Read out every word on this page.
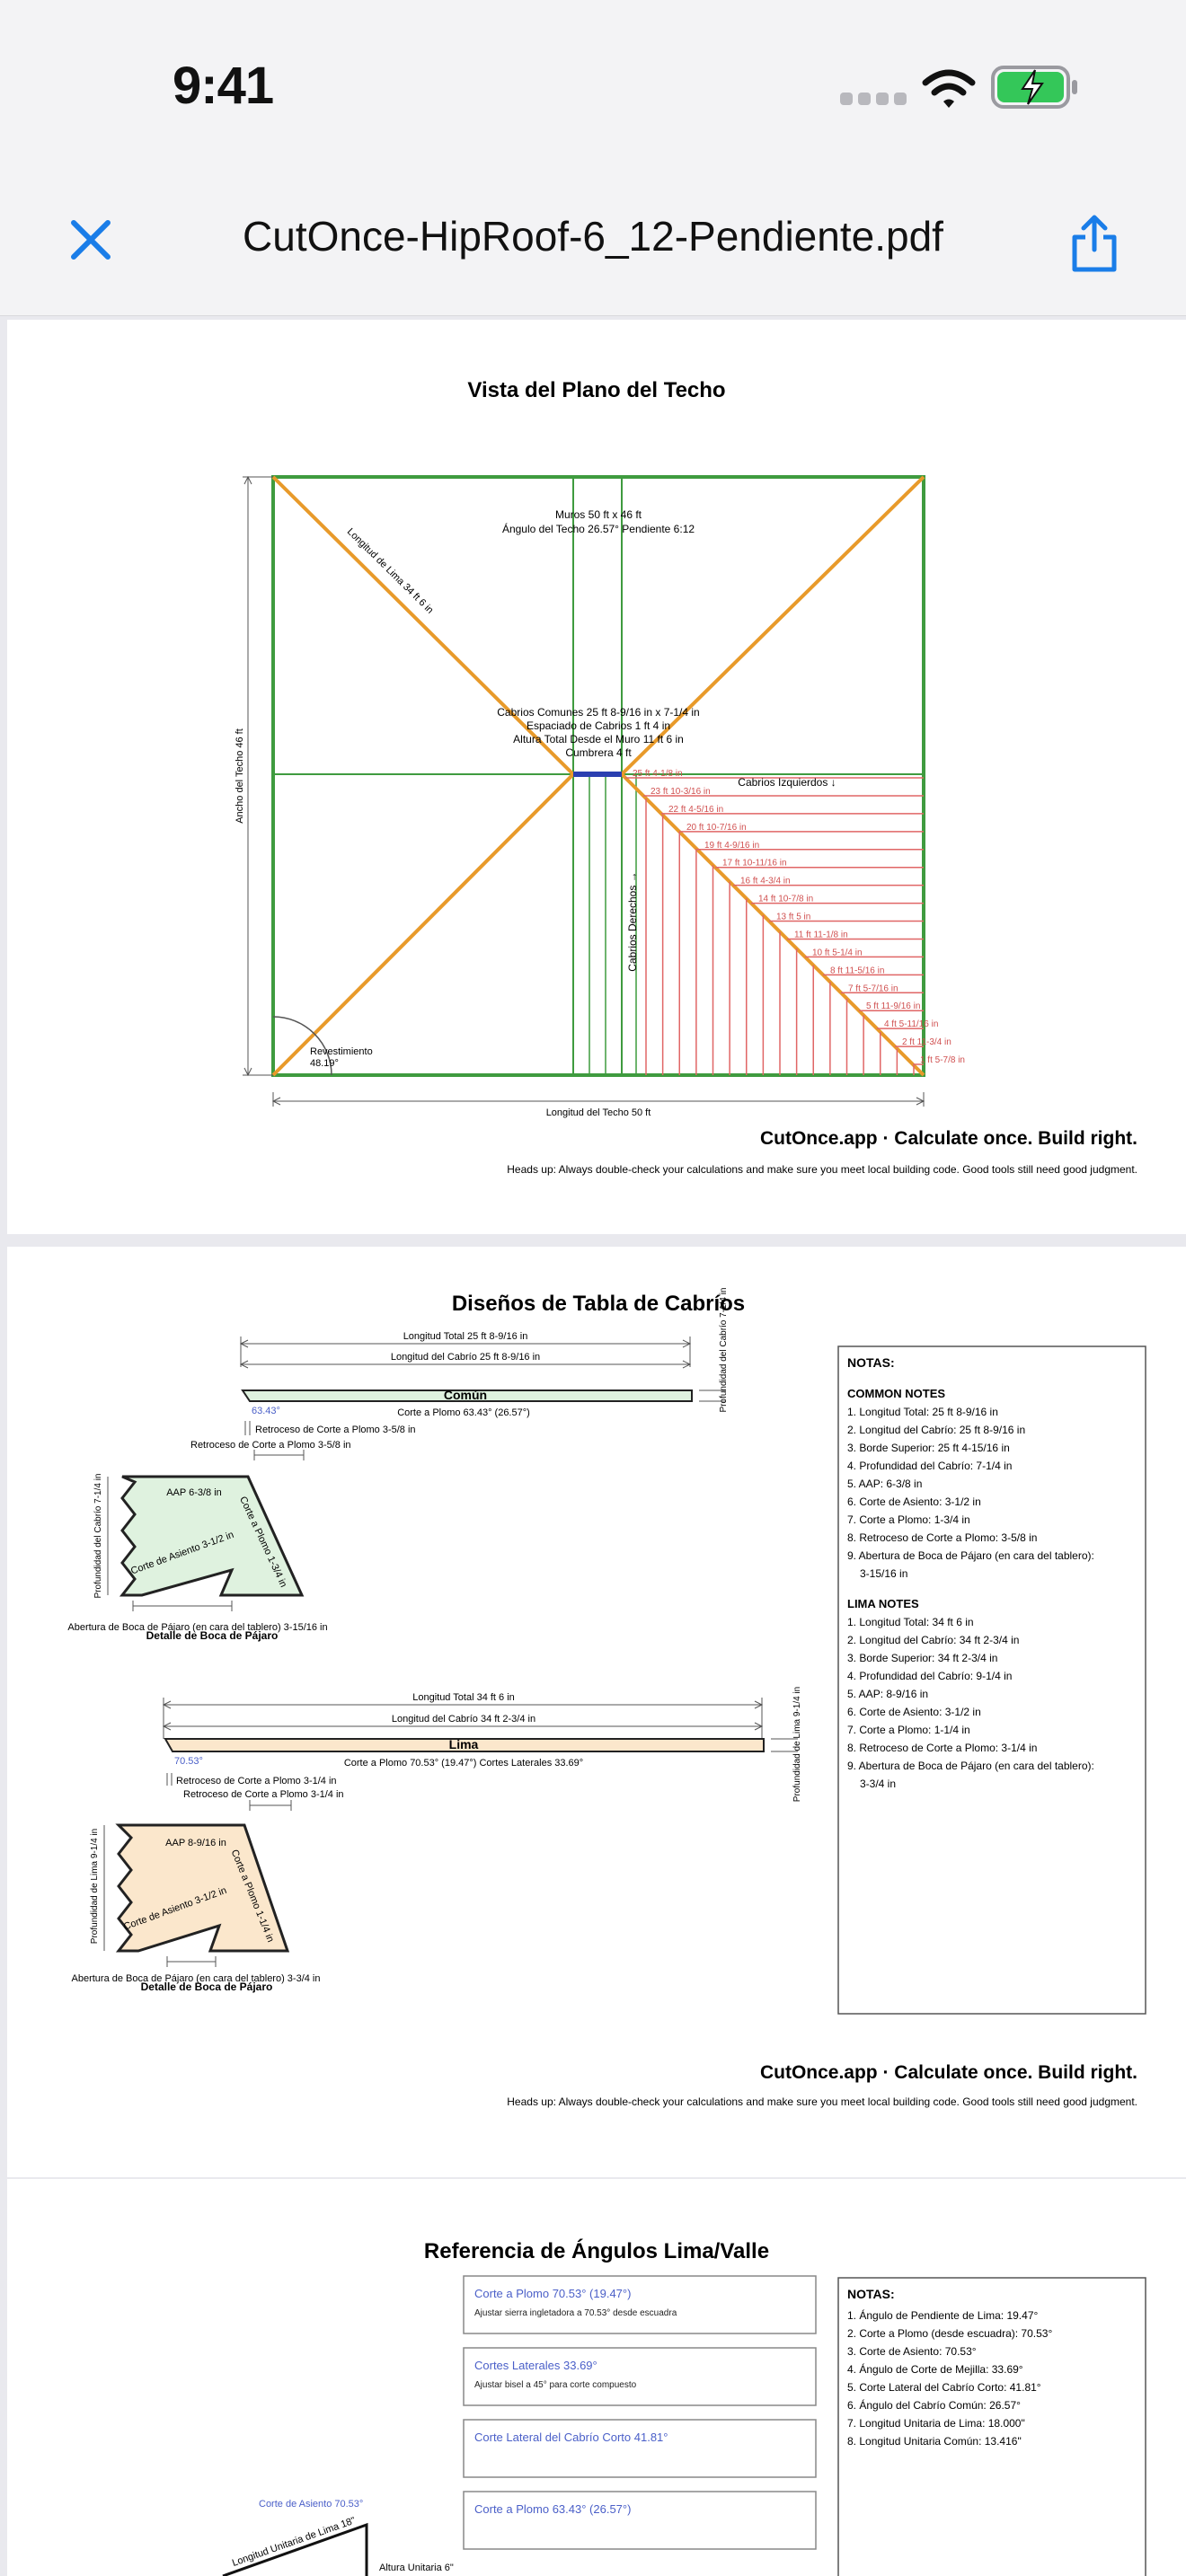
9:41
CutOnce-HipRoof-6_12-Pendiente.pdf
Vista del Plano del Techo
25 ft 4-1/8 in
23 ft 10-3/16 in
22 ft 4-5/16 in
20 ft 10-7/16 in
19 ft 4-9/16 in
17 ft 10-11/16 in
16 ft 4-3/4 in
14 ft 10-7/8 in
13 ft 5 in
11 ft 11-1/8 in
10 ft 5-1/4 in
8 ft 11-5/16 in
7 ft 5-7/16 in
5 ft 11-9/16 in
4 ft 5-11/16 in
2 ft 11-3/4 in
1 ft 5-7/8 in
Revestimiento
48.19°
Muros 50 ft x 46 ft
Ángulo del Techo 26.57° Pendiente 6:12
Cabrios Comunes 25 ft 8-9/16 in x 7-1/4 in
Espaciado de Cabrios 1 ft 4 in
Altura Total Desde el Muro 11 ft 6 in
Cumbrera 4 ft
Longitud de Lima 34 ft 6 in
Cabrios Izquierdos ↓
Cabrios Derechos →
Ancho del Techo 46 ft
Longitud del Techo 50 ft
CutOnce.app · Calculate once. Build right.
Heads up: Always double-check your calculations and make sure you meet local building code. Good tools still need good judgment.
Diseños de Tabla de Cabríos
Longitud Total 25 ft 8-9/16 in
Longitud del Cabrío 25 ft 8-9/16 in
Común	Profundidad del Cabrío 7-1/4 in
63.43°	Corte a Plomo 63.43° (26.57°)
Retroceso de Corte a Plomo 3-5/8 in
Retroceso de Corte a Plomo 3-5/8 in
AAP 6-3/8 in
Corte de Asiento 3-1/2 in Corte a Plomo 1-3/4 in
Profundidad del Cabrío 7-1/4 in
Abertura de Boca de Pájaro (en cara del tablero) 3-15/16 in
Detalle de Boca de Pájaro
Longitud Total 34 ft 6 in
Longitud del Cabrío 34 ft 2-3/4 in
Lima	Profundidad de Lima 9-1/4 in
70.53°	Corte a Plomo 70.53° (19.47°) Cortes Laterales 33.69°
Retroceso de Corte a Plomo 3-1/4 in
Retroceso de Corte a Plomo 3-1/4 in
AAP 8-9/16 in
Corte de Asiento 3-1/2 in Corte a Plomo 1-1/4 in
Profundidad de Lima 9-1/4 in
Abertura de Boca de Pájaro (en cara del tablero) 3-3/4 in
Detalle de Boca de Pájaro
NOTAS:
COMMON NOTES
1. Longitud Total: 25 ft 8-9/16 in
2. Longitud del Cabrío: 25 ft 8-9/16 in
3. Borde Superior: 25 ft 4-15/16 in
4. Profundidad del Cabrío: 7-1/4 in
5. AAP: 6-3/8 in
6. Corte de Asiento: 3-1/2 in
7. Corte a Plomo: 1-3/4 in
8. Retroceso de Corte a Plomo: 3-5/8 in
9. Abertura de Boca de Pájaro (en cara del tablero):
3-15/16 in
LIMA NOTES
1. Longitud Total: 34 ft 6 in
2. Longitud del Cabrío: 34 ft 2-3/4 in
3. Borde Superior: 34 ft 2-3/4 in
4. Profundidad del Cabrío: 9-1/4 in
5. AAP: 8-9/16 in
6. Corte de Asiento: 3-1/2 in
7. Corte a Plomo: 1-1/4 in
8. Retroceso de Corte a Plomo: 3-1/4 in
9. Abertura de Boca de Pájaro (en cara del tablero):
3-3/4 in
CutOnce.app · Calculate once. Build right.
Heads up: Always double-check your calculations and make sure you meet local building code. Good tools still need good judgment.
Referencia de Ángulos Lima/Valle
Corte a Plomo 70.53° (19.47°)
Ajustar sierra ingletadora a 70.53° desde escuadra
Cortes Laterales 33.69°
Ajustar bisel a 45° para corte compuesto
Corte Lateral del Cabrío Corto 41.81°
Corte a Plomo 63.43° (26.57°)
NOTAS:
1. Ángulo de Pendiente de Lima: 19.47°
2. Corte a Plomo (desde escuadra): 70.53°
3. Corte de Asiento: 70.53°
4. Ángulo de Corte de Mejilla: 33.69°
5. Corte Lateral del Cabrío Corto: 41.81°
6. Ángulo del Cabrío Común: 26.57°
7. Longitud Unitaria de Lima: 18.000"
8. Longitud Unitaria Común: 13.416"
Corte de Asiento 70.53°
Longitud Unitaria de Lima 18" Altura Unitaria 6"
